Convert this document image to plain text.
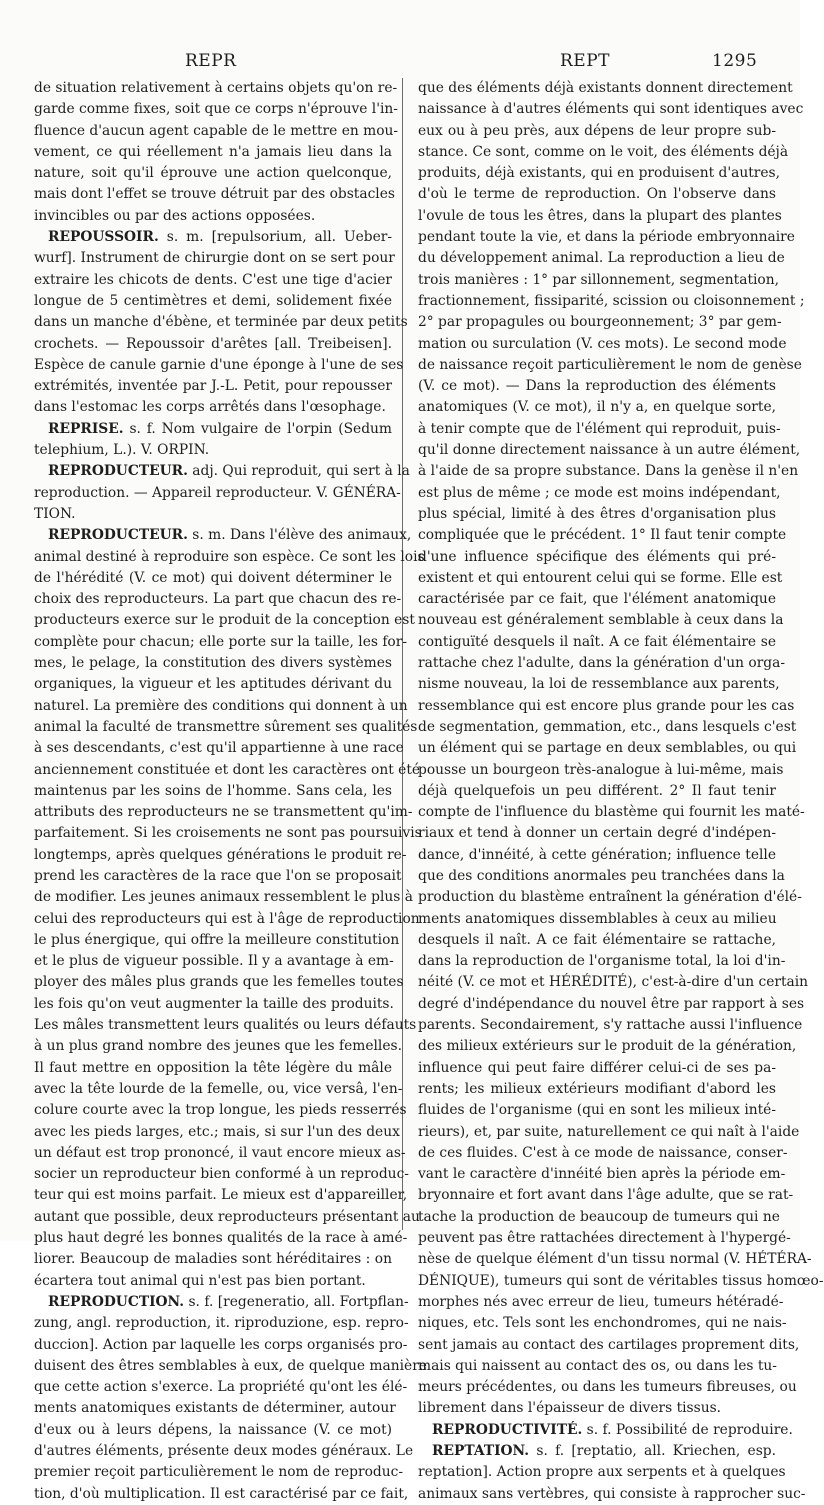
REPR	REPT	1295
de situation relativement à certains objets qu'on re-
garde comme fixes, soit que ce corps n'éprouve l'in-
fluence d'aucun agent capable de le mettre en mou-
vement, ce qui réellement n'a jamais lieu dans la
nature, soit qu'il éprouve une action quelconque,
mais dont l'effet se trouve détruit par des obstacles
invincibles ou par des actions opposées.
REPOUSSOIR. s. m. [repulsorium, all. Ueber-
wurf]. Instrument de chirurgie dont on se sert pour
extraire les chicots de dents. C'est une tige d'acier
longue de 5 centimètres et demi, solidement fixée
dans un manche d'ébène, et terminée par deux petits
crochets. — Repoussoir d'arêtes [all. Treibeisen].
Espèce de canule garnie d'une éponge à l'une de ses
extrémités, inventée par J.-L. Petit, pour repousser
dans l'estomac les corps arrêtés dans l'œsophage.
REPRISE. s. f. Nom vulgaire de l'orpin (Sedum
telephium, L.). V. ORPIN.
REPRODUCTEUR. adj. Qui reproduit, qui sert à la
reproduction. — Appareil reproducteur. V. GÉNÉRA-
TION.
REPRODUCTEUR. s. m. Dans l'élève des animaux,
animal destiné à reproduire son espèce. Ce sont les lois
de l'hérédité (V. ce mot) qui doivent déterminer le
choix des reproducteurs. La part que chacun des re-
producteurs exerce sur le produit de la conception est
complète pour chacun; elle porte sur la taille, les for-
mes, le pelage, la constitution des divers systèmes
organiques, la vigueur et les aptitudes dérivant du
naturel. La première des conditions qui donnent à un
animal la faculté de transmettre sûrement ses qualités
à ses descendants, c'est qu'il appartienne à une race
anciennement constituée et dont les caractères ont été
maintenus par les soins de l'homme. Sans cela, les
attributs des reproducteurs ne se transmettent qu'im-
parfaitement. Si les croisements ne sont pas poursuivis
longtemps, après quelques générations le produit re-
prend les caractères de la race que l'on se proposait
de modifier. Les jeunes animaux ressemblent le plus à
celui des reproducteurs qui est à l'âge de reproduction
le plus énergique, qui offre la meilleure constitution
et le plus de vigueur possible. Il y a avantage à em-
ployer des mâles plus grands que les femelles toutes
les fois qu'on veut augmenter la taille des produits.
Les mâles transmettent leurs qualités ou leurs défauts
à un plus grand nombre des jeunes que les femelles.
Il faut mettre en opposition la tête légère du mâle
avec la tête lourde de la femelle, ou, vice versâ, l'en-
colure courte avec la trop longue, les pieds resserrés
avec les pieds larges, etc.; mais, si sur l'un des deux
un défaut est trop prononcé, il vaut encore mieux as-
socier un reproducteur bien conformé à un reproduc-
teur qui est moins parfait. Le mieux est d'appareiller,
autant que possible, deux reproducteurs présentant au
plus haut degré les bonnes qualités de la race à amé-
liorer. Beaucoup de maladies sont héréditaires : on
écartera tout animal qui n'est pas bien portant.
REPRODUCTION. s. f. [regeneratio, all. Fortpflan-
zung, angl. reproduction, it. riproduzione, esp. repro-
duccion]. Action par laquelle les corps organisés pro-
duisent des êtres semblables à eux, de quelque manière
que cette action s'exerce. La propriété qu'ont les élé-
ments anatomiques existants de déterminer, autour
d'eux ou à leurs dépens, la naissance (V. ce mot)
d'autres éléments, présente deux modes généraux. Le
premier reçoit particulièrement le nom de reproduc-
tion, d'où multiplication. Il est caractérisé par ce fait,
que des éléments déjà existants donnent directement
naissance à d'autres éléments qui sont identiques avec
eux ou à peu près, aux dépens de leur propre sub-
stance. Ce sont, comme on le voit, des éléments déjà
produits, déjà existants, qui en produisent d'autres,
d'où le terme de reproduction. On l'observe dans
l'ovule de tous les êtres, dans la plupart des plantes
pendant toute la vie, et dans la période embryonnaire
du développement animal. La reproduction a lieu de
trois manières : 1° par sillonnement, segmentation,
fractionnement, fissiparité, scission ou cloisonnement ;
2° par propagules ou bourgeonnement; 3° par gem-
mation ou surculation (V. ces mots). Le second mode
de naissance reçoit particulièrement le nom de genèse
(V. ce mot). — Dans la reproduction des éléments
anatomiques (V. ce mot), il n'y a, en quelque sorte,
à tenir compte que de l'élément qui reproduit, puis-
qu'il donne directement naissance à un autre élément,
à l'aide de sa propre substance. Dans la genèse il n'en
est plus de même ; ce mode est moins indépendant,
plus spécial, limité à des êtres d'organisation plus
compliquée que le précédent. 1° Il faut tenir compte
d'une influence spécifique des éléments qui pré-
existent et qui entourent celui qui se forme. Elle est
caractérisée par ce fait, que l'élément anatomique
nouveau est généralement semblable à ceux dans la
contiguïté desquels il naît. A ce fait élémentaire se
rattache chez l'adulte, dans la génération d'un orga-
nisme nouveau, la loi de ressemblance aux parents,
ressemblance qui est encore plus grande pour les cas
de segmentation, gemmation, etc., dans lesquels c'est
un élément qui se partage en deux semblables, ou qui
pousse un bourgeon très-analogue à lui-même, mais
déjà quelquefois un peu différent. 2° Il faut tenir
compte de l'influence du blastème qui fournit les maté-
riaux et tend à donner un certain degré d'indépen-
dance, d'innéité, à cette génération; influence telle
que des conditions anormales peu tranchées dans la
production du blastème entraînent la génération d'élé-
ments anatomiques dissemblables à ceux au milieu
desquels il naît. A ce fait élémentaire se rattache,
dans la reproduction de l'organisme total, la loi d'in-
néité (V. ce mot et HÉRÉDITÉ), c'est-à-dire d'un certain
degré d'indépendance du nouvel être par rapport à ses
parents. Secondairement, s'y rattache aussi l'influence
des milieux extérieurs sur le produit de la génération,
influence qui peut faire différer celui-ci de ses pa-
rents; les milieux extérieurs modifiant d'abord les
fluides de l'organisme (qui en sont les milieux inté-
rieurs), et, par suite, naturellement ce qui naît à l'aide
de ces fluides. C'est à ce mode de naissance, conser-
vant le caractère d'innéité bien après la période em-
bryonnaire et fort avant dans l'âge adulte, que se rat-
tache la production de beaucoup de tumeurs qui ne
peuvent pas être rattachées directement à l'hypergé-
nèse de quelque élément d'un tissu normal (V. HÉTÉRA-
DÉNIQUE), tumeurs qui sont de véritables tissus homœo-
morphes nés avec erreur de lieu, tumeurs hétéradé-
niques, etc. Tels sont les enchondromes, qui ne nais-
sent jamais au contact des cartilages proprement dits,
mais qui naissent au contact des os, ou dans les tu-
meurs précédentes, ou dans les tumeurs fibreuses, ou
librement dans l'épaisseur de divers tissus.
REPRODUCTIVITÉ. s. f. Possibilité de reproduire.
REPTATION. s. f. [reptatio, all. Kriechen, esp.
reptation]. Action propre aux serpents et à quelques
animaux sans vertèbres, qui consiste à rapprocher suc-
